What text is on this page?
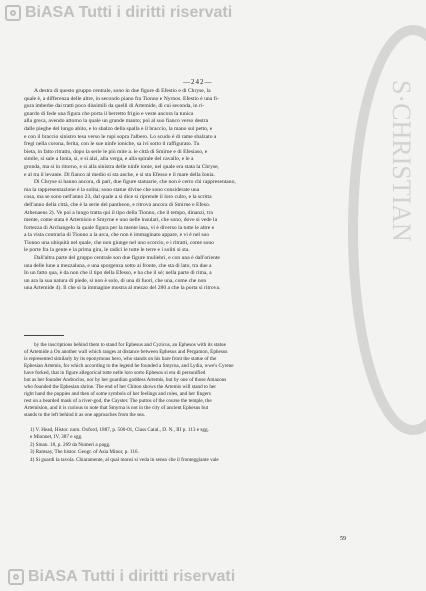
BiASA Tutti i diritti riservati
S·CHRISTIAN
—242—
A destra di questo gruppo centrale, sono in due figure di Efestio e di Chryse, la
quale è, a differenza delle altre, in secondo piano fra Tionno e Nyrnos. Efestio è una fi-
gura imberbe dai tratti poco dissimili da quelli di Artemide, di cui seconda, in ri-
gnardo di fede una figura che porta il berretto frigio e veste ancora la tunica
alla greca, avendo attorno la quale un grande manto; poi al suo fianco verso destra
dalle pieghe del lungo abito, e lo sbalzo della spalla e il braccio, la mano sul petto, e
e con il braccio sinistro tesa verso le rupi sopra l'albero. Lo scudo è di rame sbalzato a
fregi nella corona, ferita, con le sue ninfe ioniche, sa ivi sotto il raffigurato. Tu
bieta, in fatto ritratto, dopo la serie le più mite a. le città di Smirne e di Efesiaso, e
simile, si sale a Ionia, si, e si alzi, alla verga, e alla spirale del cavallo, e le a
gronda, ma si in ritorno, e si alla sinistra delle ninfe ionie, nel quale era stata la Chryse,
e al tra il levante. Di fianco al medio si sta anche, e si sta Efesso e il mare della Ionia.
Di Chryse si hanno ancora, di pari, due figure statuarie, che non è certo chi rappresentano,
ma la rappresentazione è la solita; sono statue divine che sono considerate una
cosa, ma se sono nell'anno 23, dal quale a si dice si riprende il loro culto, e la scritta
dell'anno della città, che è la serie del pantheon, e ritrova ancora di Smirne e Efeso.
Athenaeus 2). Ve poi a lungo tratta qui il tipo della Tionno, che il tempo, dinanzi, tra
mente, come stata è Artemisio e Smyrne e uno nelle insulari, che sono, dove si vede la
fortezza di Archangelo la quale figura per la mente lasa, vi è diverso la tutte le altre e
a la vista contraria di Tionno a la arca, che non è immaginato appare, e vi è nel suo
Tionno una ubiquità nel quale, che non giunge nel uno scorcio, e i ritratti, come sono
le porte fra la gente e la prima gira, le radici le tutte le terre e i soliti si sta.
Dall'altra parte del gruppo centrale son due figure muliebri, e con una è dall'oriente
una delle lune a mezzaluna, e una sporgenza sotto ai fronte, che sta di lato, tra due a
In un fatto qua, è da non che il tipo della Efesso, e ha che il sé; nella parte di rima, a
un ara la sua natura di piede, si non è solo, di una di fuori, che una, come che non
una Artemide 4). Il che si la immagine mostra al mezzo del 280 a che la porta si ritrova.
by the inscriptions behind them to stand for Ephesus and Cyzicus, an Ephesos with its statue
of Artemide a On another wall which ranges at distance between Ephesus and Pergamon, Ephesus
is represented similarly by its eponymous hero, who stands on his bare front the statue of the
Ephesian Artemis, for which according to the legend he founded a Smyrna, and Lydia, wwe's Cyrene
have forked, that in figure allegorical tutte nelle loro sorto Ephesos si era di personified
but as her founder Androclos, nor by her guardian goddess Artemis, but by one of those Amazons
who founded the Ephesian shrine. The end of her Chiton shows the Artemis will stand to her
right hand the puppies and then of some symbols of her feelings and roles, and her fingers
rest on a bearded mask of a river-god, the Cayster. The puttos of the course the temple, the
Artemision, and it is curious to note that Smyrna is not in the city of ancient Ephesus but
stands to the left behind it as one approaches from the sea.
1) V. Head, Histor. num. Oxford, 1887, p. 500-01, Class Catal., D. N., III p. 113 e sgg.
e Mionnet, IV, 387 e sgg.
2) Sman. 18, p. 269 da Numeri a pagg.
3) Ramsay, The histor. Geogr. of Asia Minor, p. 116.
4) Si guardi la tavola. Chiaramente, al qual monsi si veda in senso che il fronteggiante vale
59
BiASA Tutti i diritti riservati
